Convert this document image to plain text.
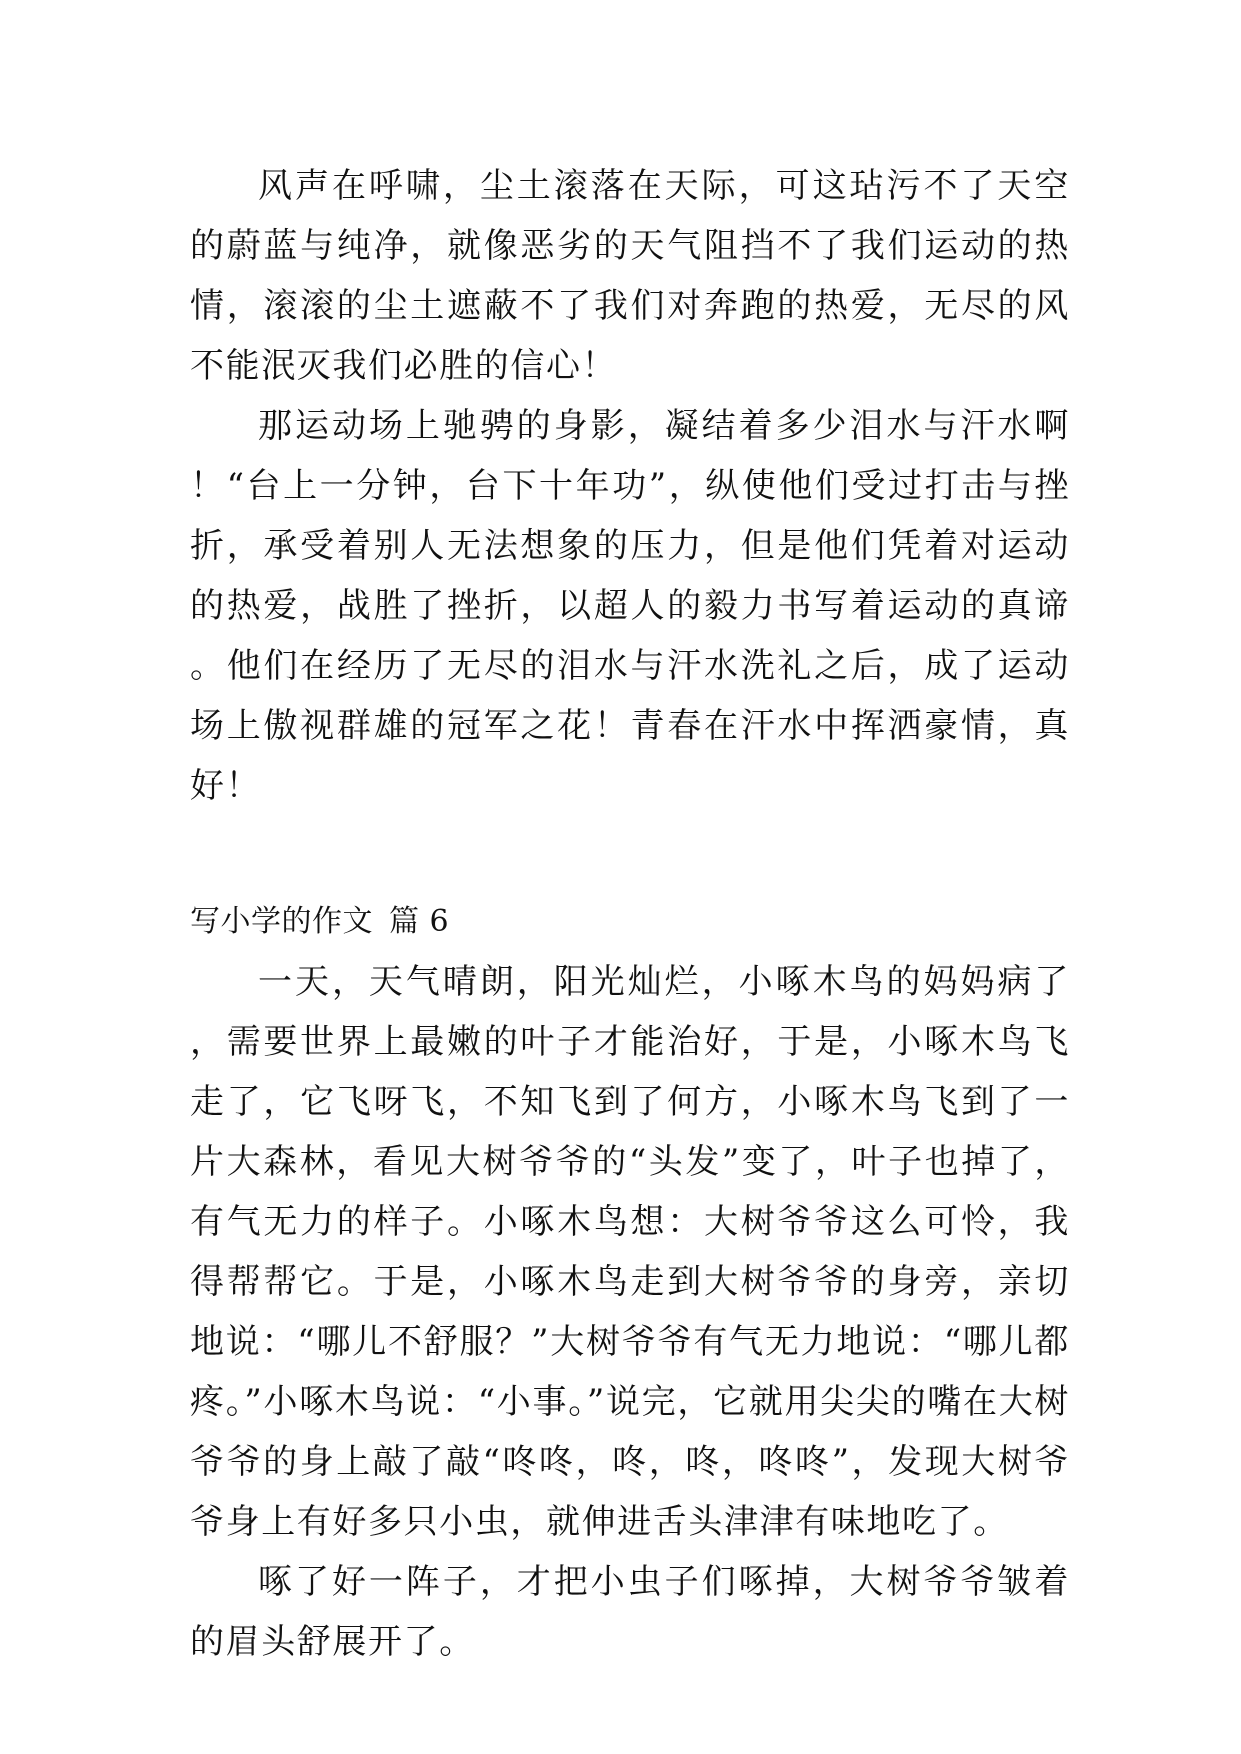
风声在呼啸，尘土滚落在天际，可这玷污不了天空的蔚蓝与纯净，就像恶劣的天气阻挡不了我们运动的热情，滚滚的尘土遮蔽不了我们对奔跑的热爱，无尽的风不能泯灭我们必胜的信心！

那运动场上驰骋的身影，凝结着多少泪水与汗水啊！“台上一分钟，台下十年功”，纵使他们受过打击与挫折，承受着别人无法想象的压力，但是他们凭着对运动的热爱，战胜了挫折，以超人的毅力书写着运动的真谛。他们在经历了无尽的泪水与汗水洗礼之后，成了运动场上傲视群雄的冠军之花！青春在汗水中挥洒豪情，真好！

写小学的作文 篇 6

一天，天气晴朗，阳光灿烂，小啄木鸟的妈妈病了，需要世界上最嫩的叶子才能治好，于是，小啄木鸟飞走了，它飞呀飞，不知飞到了何方，小啄木鸟飞到了一片大森林，看见大树爷爷的“头发”变了，叶子也掉了，有气无力的样子。小啄木鸟想：大树爷爷这么可怜，我得帮帮它。于是，小啄木鸟走到大树爷爷的身旁，亲切地说：“哪儿不舒服？”大树爷爷有气无力地说：“哪儿都疼。”小啄木鸟说：“小事。”说完，它就用尖尖的嘴在大树爷爷的身上敲了敲“咚咚，咚，咚，咚咚”，发现大树爷爷身上有好多只小虫，就伸进舌头津津有味地吃了。

啄了好一阵子，才把小虫子们啄掉，大树爷爷皱着的眉头舒展开了。
